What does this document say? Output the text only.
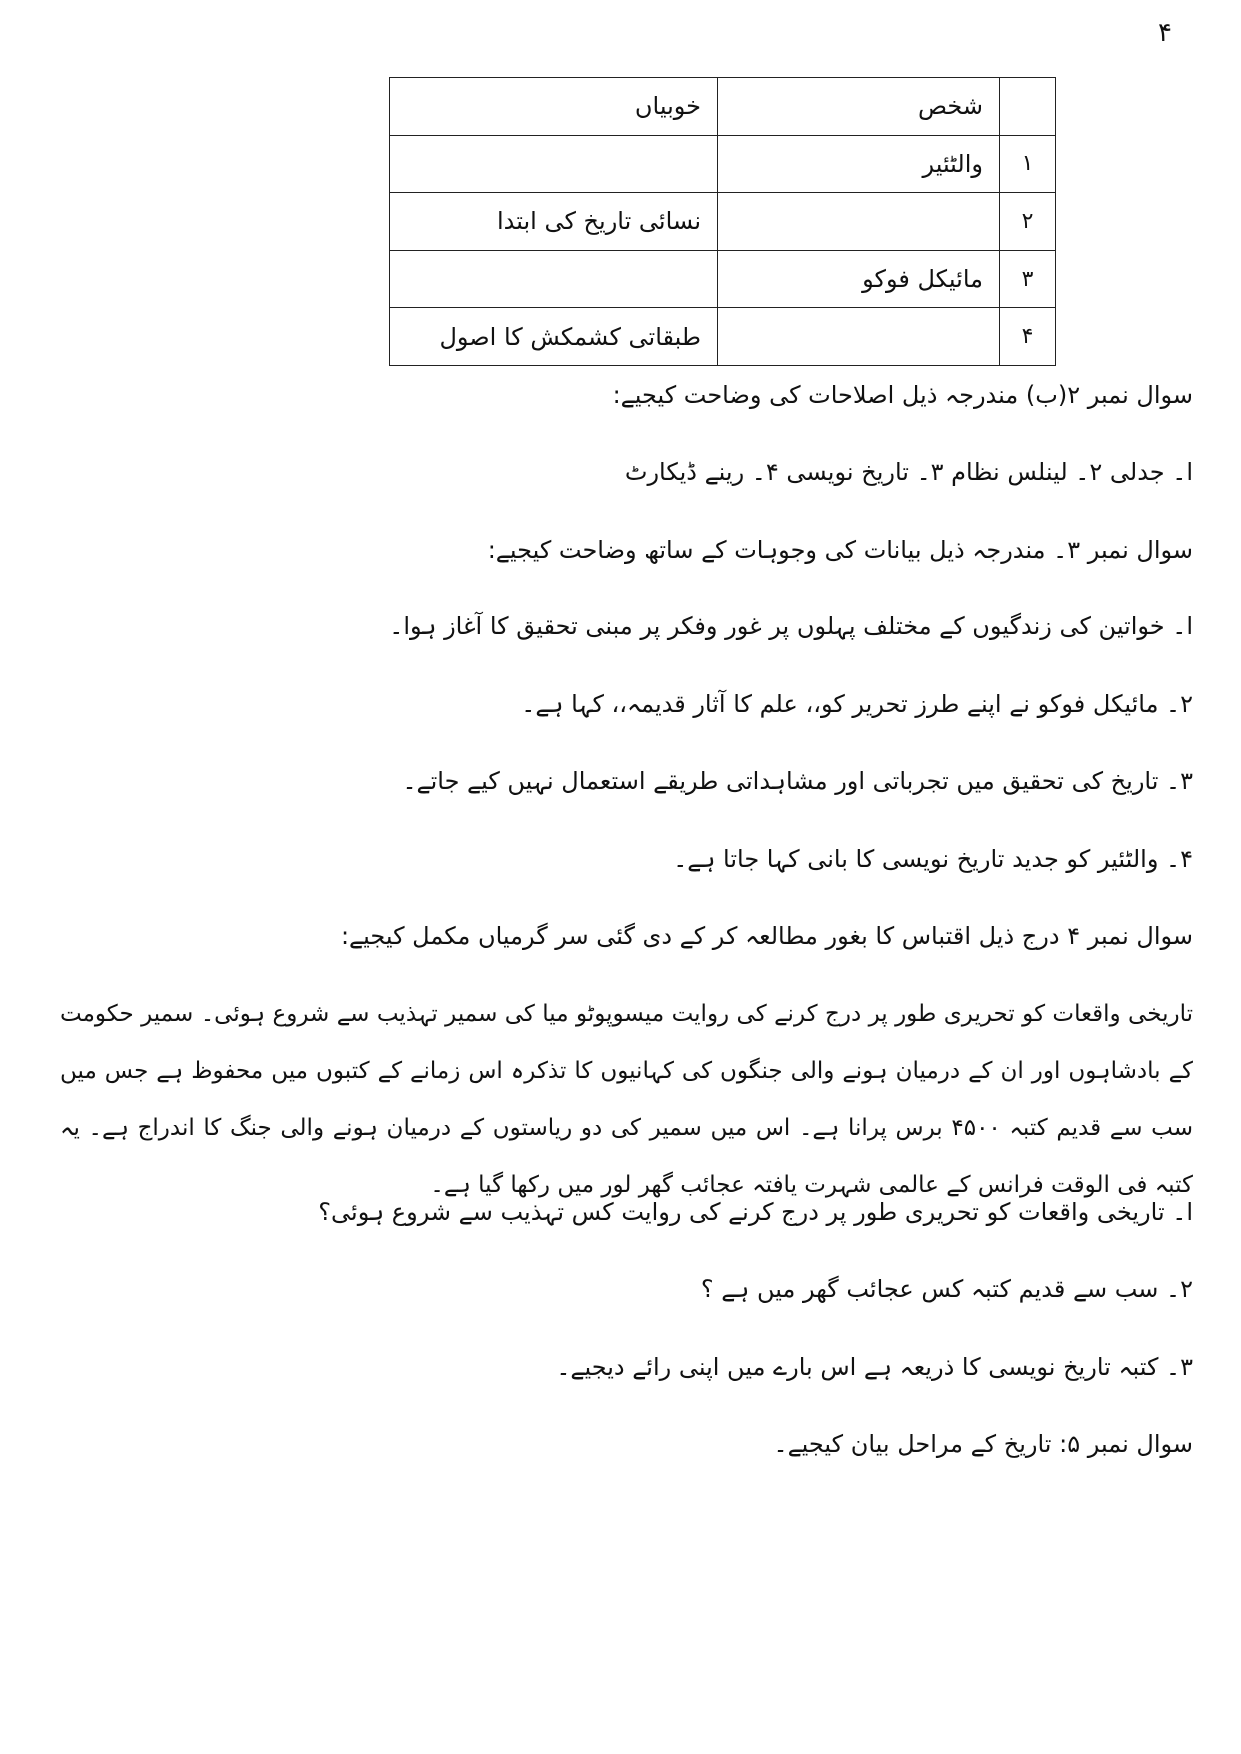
۴
	شخص	خوبیاں
۱	والٹئیر	
۲		نسائی تاریخ کی ابتدا
۳	مائیکل فوکو	
۴		طبقاتی کشمکش کا اصول
سوال نمبر ۲(ب) مندرجہ ذیل اصلاحات کی وضاحت کیجیے:
ا۔ جدلی ۲۔ لینلس نظام ۳۔ تاریخ نویسی ۴۔ رینے ڈیکارٹ
سوال نمبر ۳۔ مندرجہ ذیل بیانات کی وجوہات کے ساتھ وضاحت کیجیے:
ا۔ خواتین کی زندگیوں کے مختلف پہلوں پر غور وفکر پر مبنی تحقیق کا آغاز ہوا۔
۲۔ مائیکل فوکو نے اپنے طرز تحریر کو،، علم کا آثار قدیمہ،، کہا ہے۔
۳۔ تاریخ کی تحقیق میں تجرباتی اور مشاہداتی طریقے استعمال نہیں کیے جاتے۔
۴۔ والٹئیر کو جدید تاریخ نویسی کا بانی کہا جاتا ہے۔
سوال نمبر ۴ درج ذیل اقتباس کا بغور مطالعہ کر کے دی گئی سر گرمیاں مکمل کیجیے:
تاریخی واقعات کو تحریری طور پر درج کرنے کی روایت میسوپوٹو میا کی سمیر تہذیب سے شروع ہوئی۔ سمیر حکومت کے بادشاہوں اور ان کے درمیان ہونے والی جنگوں کی کہانیوں کا تذکرہ اس زمانے کے کتبوں میں محفوظ ہے جس میں سب سے قدیم کتبہ ۴۵۰۰ برس پرانا ہے۔ اس میں سمیر کی دو ریاستوں کے درمیان ہونے والی جنگ کا اندراج ہے۔ یہ کتبہ فی الوقت فرانس کے عالمی شہرت یافتہ عجائب گھر لور میں رکھا گیا ہے۔
ا۔ تاریخی واقعات کو تحریری طور پر درج کرنے کی روایت کس تہذیب سے شروع ہوئی؟
۲۔ سب سے قدیم کتبہ کس عجائب گھر میں ہے ؟
۳۔ کتبہ تاریخ نویسی کا ذریعہ ہے اس بارے میں اپنی رائے دیجیے۔
سوال نمبر ۵: تاریخ کے مراحل بیان کیجیے۔
